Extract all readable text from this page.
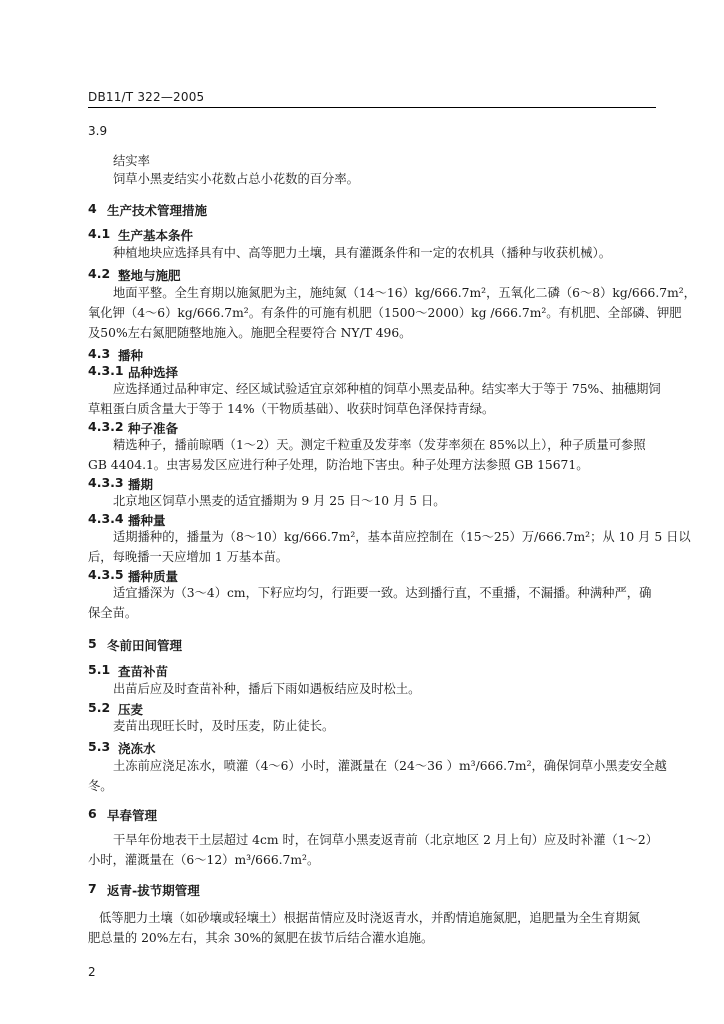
DB11/T 322—2005
3.9
结实率
饲草小黑麦结实小花数占总小花数的百分率。
4 生产技术管理措施
4.1 生产基本条件
种植地块应选择具有中、高等肥力土壤，具有灌溉条件和一定的农机具（播种与收获机械）。
4.2 整地与施肥
地面平整。全生育期以施氮肥为主，施纯氮（14～16）kg/666.7m²，五氧化二磷（6～8）kg/666.7m²，
氧化钾（4～6）kg/666.7m²。有条件的可施有机肥（1500～2000）kg /666.7m²。有机肥、全部磷、钾肥
及50%左右氮肥随整地施入。施肥全程要符合 NY/T 496。
4.3 播种
4.3.1 品种选择
应选择通过品种审定、经区域试验适宜京郊种植的饲草小黑麦品种。结实率大于等于 75%、抽穗期饲
草粗蛋白质含量大于等于 14%（干物质基础）、收获时饲草色泽保持青绿。
4.3.2 种子准备
精选种子，播前晾晒（1～2）天。测定千粒重及发芽率（发芽率须在 85%以上），种子质量可参照
GB 4404.1。虫害易发区应进行种子处理，防治地下害虫。种子处理方法参照 GB 15671。
4.3.3 播期
北京地区饲草小黑麦的适宜播期为 9 月 25 日～10 月 5 日。
4.3.4 播种量
适期播种的，播量为（8～10）kg/666.7m²，基本苗应控制在（15～25）万/666.7m²；从 10 月 5 日以
后，每晚播一天应增加 1 万基本苗。
4.3.5 播种质量
适宜播深为（3～4）cm，下籽应均匀，行距要一致。达到播行直，不重播，不漏播。种满种严，确
保全苗。
5 冬前田间管理
5.1 查苗补苗
出苗后应及时查苗补种，播后下雨如遇板结应及时松土。
5.2 压麦
麦苗出现旺长时，及时压麦，防止徒长。
5.3 浇冻水
土冻前应浇足冻水，喷灌（4～6）小时，灌溉量在（24～36 ）m³/666.7m²，确保饲草小黑麦安全越
冬。
6 早春管理
干旱年份地表干土层超过 4cm 时，在饲草小黑麦返青前（北京地区 2 月上旬）应及时补灌（1～2）
小时，灌溉量在（6～12）m³/666.7m²。
7 返青-拔节期管理
低等肥力土壤（如砂壤或轻壤土）根据苗情应及时浇返青水，并酌情追施氮肥，追肥量为全生育期氮
肥总量的 20%左右，其余 30%的氮肥在拔节后结合灌水追施。
2
